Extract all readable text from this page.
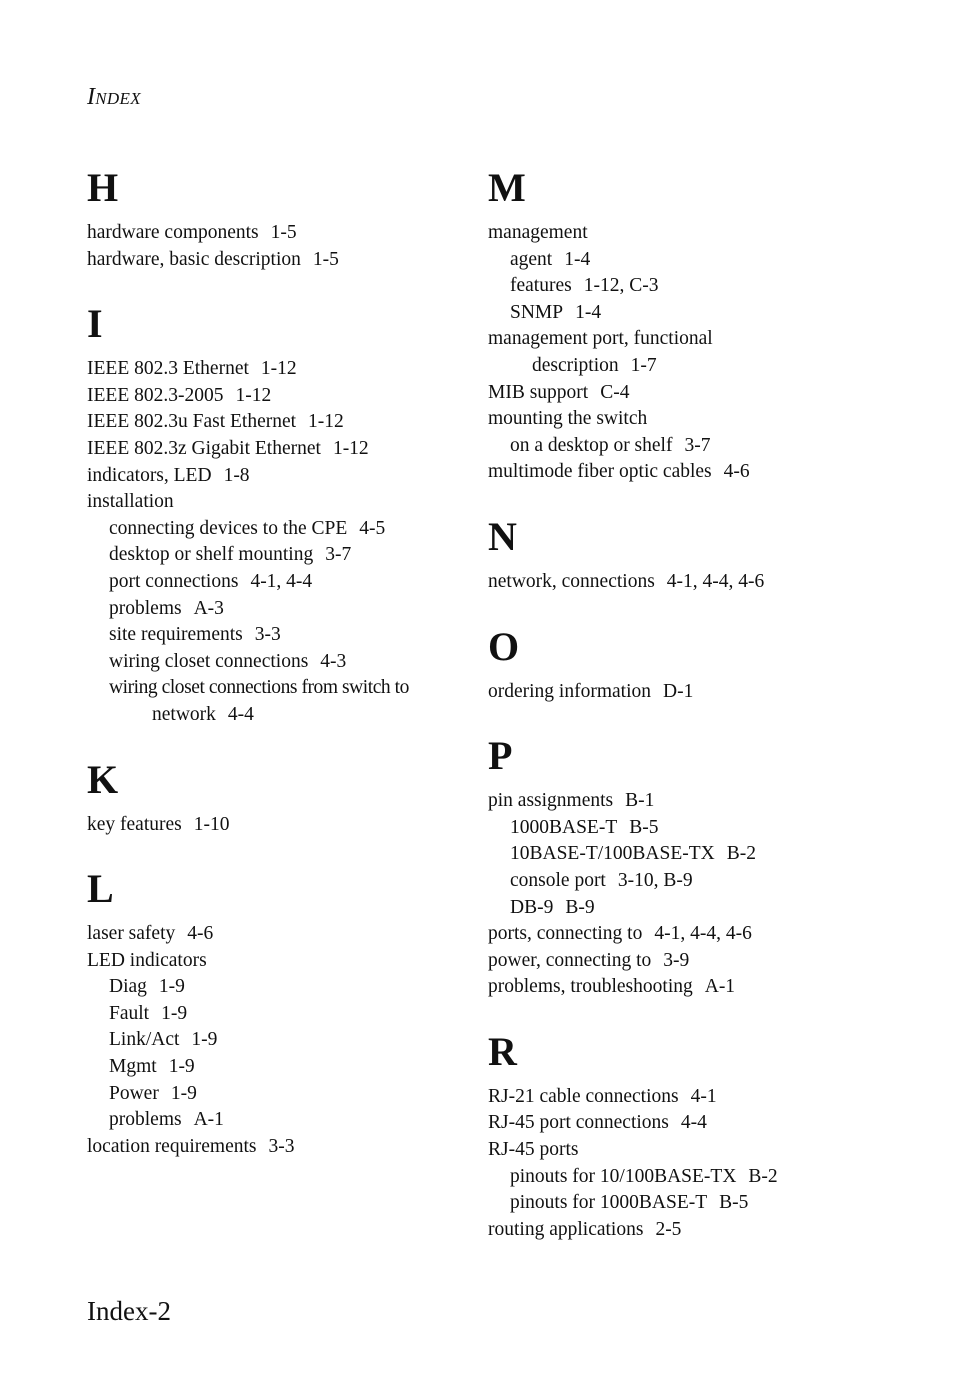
INDEX
H
hardware components 1-5
hardware, basic description 1-5
I
IEEE 802.3 Ethernet 1-12
IEEE 802.3-2005 1-12
IEEE 802.3u Fast Ethernet 1-12
IEEE 802.3z Gigabit Ethernet 1-12
indicators, LED 1-8
installation
connecting devices to the CPE 4-5
desktop or shelf mounting 3-7
port connections 4-1, 4-4
problems A-3
site requirements 3-3
wiring closet connections 4-3
wiring closet connections from switch to
network 4-4
K
key features 1-10
L
laser safety 4-6
LED indicators
Diag 1-9
Fault 1-9
Link/Act 1-9
Mgmt 1-9
Power 1-9
problems A-1
location requirements 3-3
M
management
agent 1-4
features 1-12, C-3
SNMP 1-4
management port, functional
description 1-7
MIB support C-4
mounting the switch
on a desktop or shelf 3-7
multimode fiber optic cables 4-6
N
network, connections 4-1, 4-4, 4-6
O
ordering information D-1
P
pin assignments B-1
1000BASE-T B-5
10BASE-T/100BASE-TX B-2
console port 3-10, B-9
DB-9 B-9
ports, connecting to 4-1, 4-4, 4-6
power, connecting to 3-9
problems, troubleshooting A-1
R
RJ-21 cable connections 4-1
RJ-45 port connections 4-4
RJ-45 ports
pinouts for 10/100BASE-TX B-2
pinouts for 1000BASE-T B-5
routing applications 2-5
Index-2
